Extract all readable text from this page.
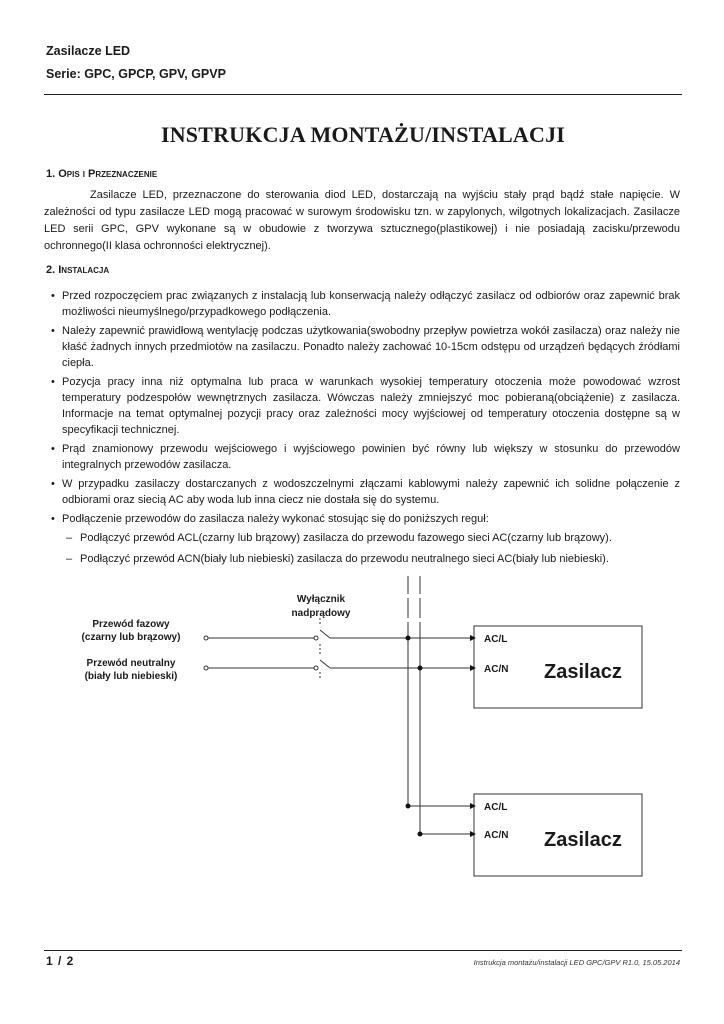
Zasilacze LED
Serie: GPC, GPCP, GPV, GPVP
INSTRUKCJA MONTAŻU/INSTALACJI
1. Opis i Przeznaczenie
Zasilacze LED, przeznaczone do sterowania diod LED, dostarczają na wyjściu stały prąd bądź stałe napięcie. W zależności od typu zasilacze LED mogą pracować w surowym środowisku tzn. w zapylonych, wilgotnych lokalizacjach. Zasilacze LED serii GPC, GPV wykonane są w obudowie z tworzywa sztucznego(plastikowej) i nie posiadają zacisku/przewodu ochronnego(II klasa ochronności elektrycznej).
2. Instalacja
• Przed rozpoczęciem prac związanych z instalacją lub konserwacją należy odłączyć zasilacz od odbiorów oraz zapewnić brak możliwości nieumyślnego/przypadkowego podłączenia.
• Należy zapewnić prawidłową wentylację podczas użytkowania(swobodny przepływ powietrza wokół zasilacza) oraz należy nie kłaść żadnych innych przedmiotów na zasilaczu. Ponadto należy zachować 10-15cm odstępu od urządzeń będących źródłami ciepła.
• Pozycja pracy inna niż optymalna lub praca w warunkach wysokiej temperatury otoczenia może powodować wzrost temperatury podzespołów wewnętrznych zasilacza. Wówczas należy zmniejszyć moc pobieraną(obciążenie) z zasilacza. Informacje na temat optymalnej pozycji pracy oraz zależności mocy wyjściowej od temperatury otoczenia dostępne są w specyfikacji technicznej.
• Prąd znamionowy przewodu wejściowego i wyjściowego powinien być równy lub większy w stosunku do przewodów integralnych przewodów zasilacza.
• W przypadku zasilaczy dostarczanych z wodoszczelnymi złączami kablowymi należy zapewnić ich solidne połączenie z odbiorami oraz siecią AC aby woda lub inna ciecz nie dostała się do systemu.
• Podłączenie przewodów do zasilacza należy wykonać stosując się do poniższych reguł:
– Podłączyć przewód ACL(czarny lub brązowy) zasilacza do przewodu fazowego sieci AC(czarny lub brązowy).
– Podłączyć przewód ACN(biały lub niebieski) zasilacza do przewodu neutralnego sieci AC(biały lub niebieski).
Wyłącznik
nadprądowy
Przewód fazowy
(czarny lub brązowy)
Przewód neutralny
(biały lub niebieski)
AC/L
AC/N Zasilacz
AC/L
AC/N Zasilacz
1 / 2	Instrukcja montażu/instalacji LED GPC/GPV R1.0, 15.05.2014
